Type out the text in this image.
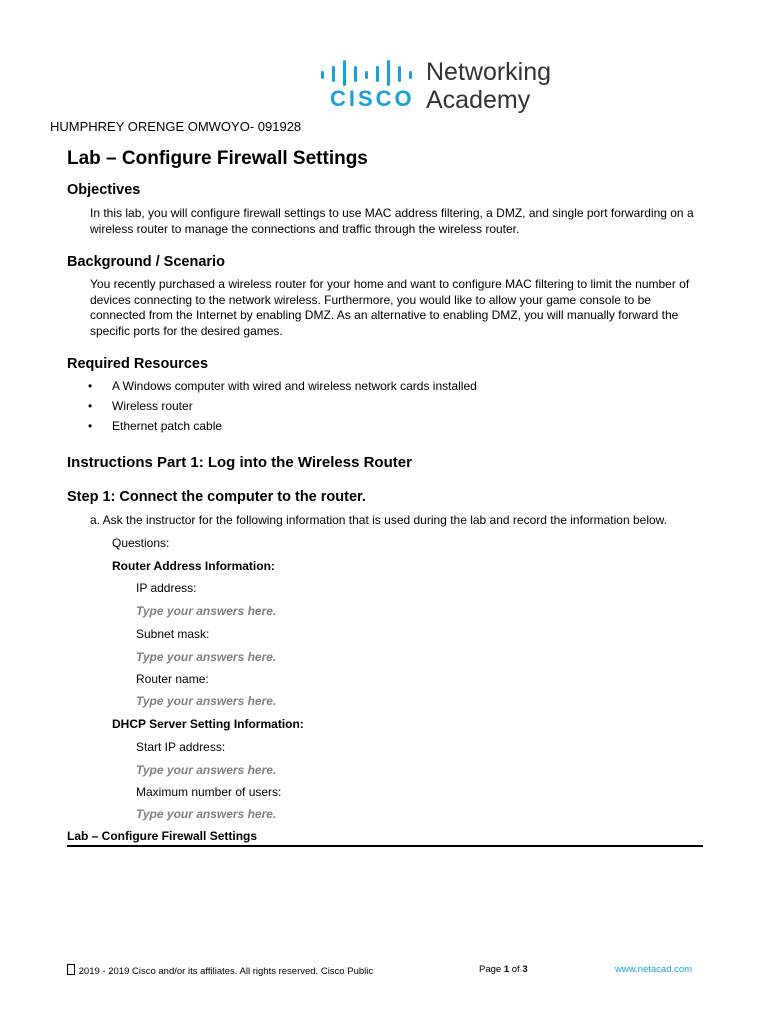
CISCO
Networking
Academy
HUMPHREY ORENGE OMWOYO- 091928
Lab – Configure Firewall Settings
Objectives

In this lab, you will configure firewall settings to use MAC address filtering, a DMZ, and single port forwarding on a wireless router to manage the connections and traffic through the wireless router.

Background / Scenario

You recently purchased a wireless router for your home and want to configure MAC filtering to limit the number of devices connecting to the network wireless. Furthermore, you would like to allow your game console to be connected from the Internet by enabling DMZ. As an alternative to enabling DMZ, you will manually forward the specific ports for the desired games.

Required Resources
• A Windows computer with wired and wireless network cards installed
• Wireless router
• Ethernet patch cable
Instructions Part 1: Log into the Wireless Router
Step 1: Connect the computer to the router.
a. Ask the instructor for the following information that is used during the lab and record the information below.
Questions:
Router Address Information:
IP address:
Type your answers here.
Subnet mask:
Type your answers here.
Router name:
Type your answers here.
DHCP Server Setting Information:
Start IP address:
Type your answers here.
Maximum number of users:
Type your answers here.
Lab – Configure Firewall Settings
2019 - 2019 Cisco and/or its affiliates. All rights reserved. Cisco Public	Page 1 of 3	www.netacad.com
